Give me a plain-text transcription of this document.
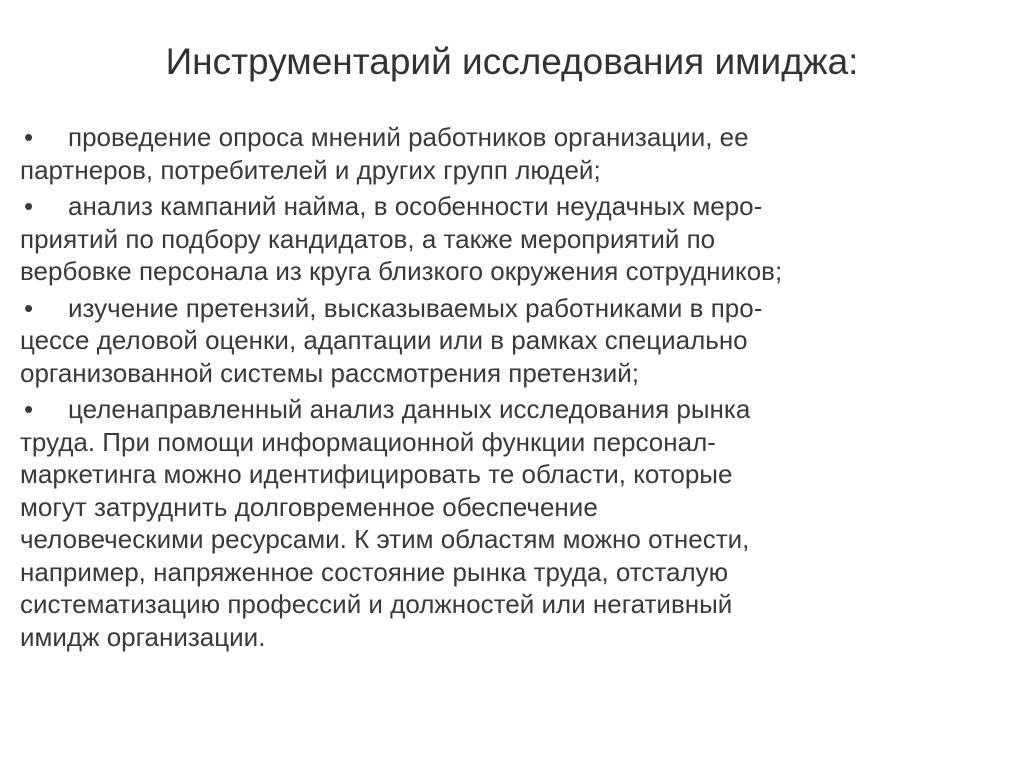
Инструментарий исследования имиджа:
• проведение опроса мнений работников организации, ее
партнеров, потребителей и других групп людей;
• анализ кампаний найма, в особенности неудачных меро-
приятий по подбору кандидатов, а также мероприятий по
вербовке персонала из круга близкого окружения сотрудников;
• изучение претензий, высказываемых работниками в про-
цессе деловой оценки, адаптации или в рамках специально
организованной системы рассмотрения претензий;
• целенаправленный анализ данных исследования рынка
труда. При помощи информационной функции персонал-
маркетинга можно идентифицировать те области, которые
могут затруднить долговременное обеспечение
человеческими ресурсами. К этим областям можно отнести,
например, напряженное состояние рынка труда, отсталую
систематизацию профессий и должностей или негативный
имидж организации.
